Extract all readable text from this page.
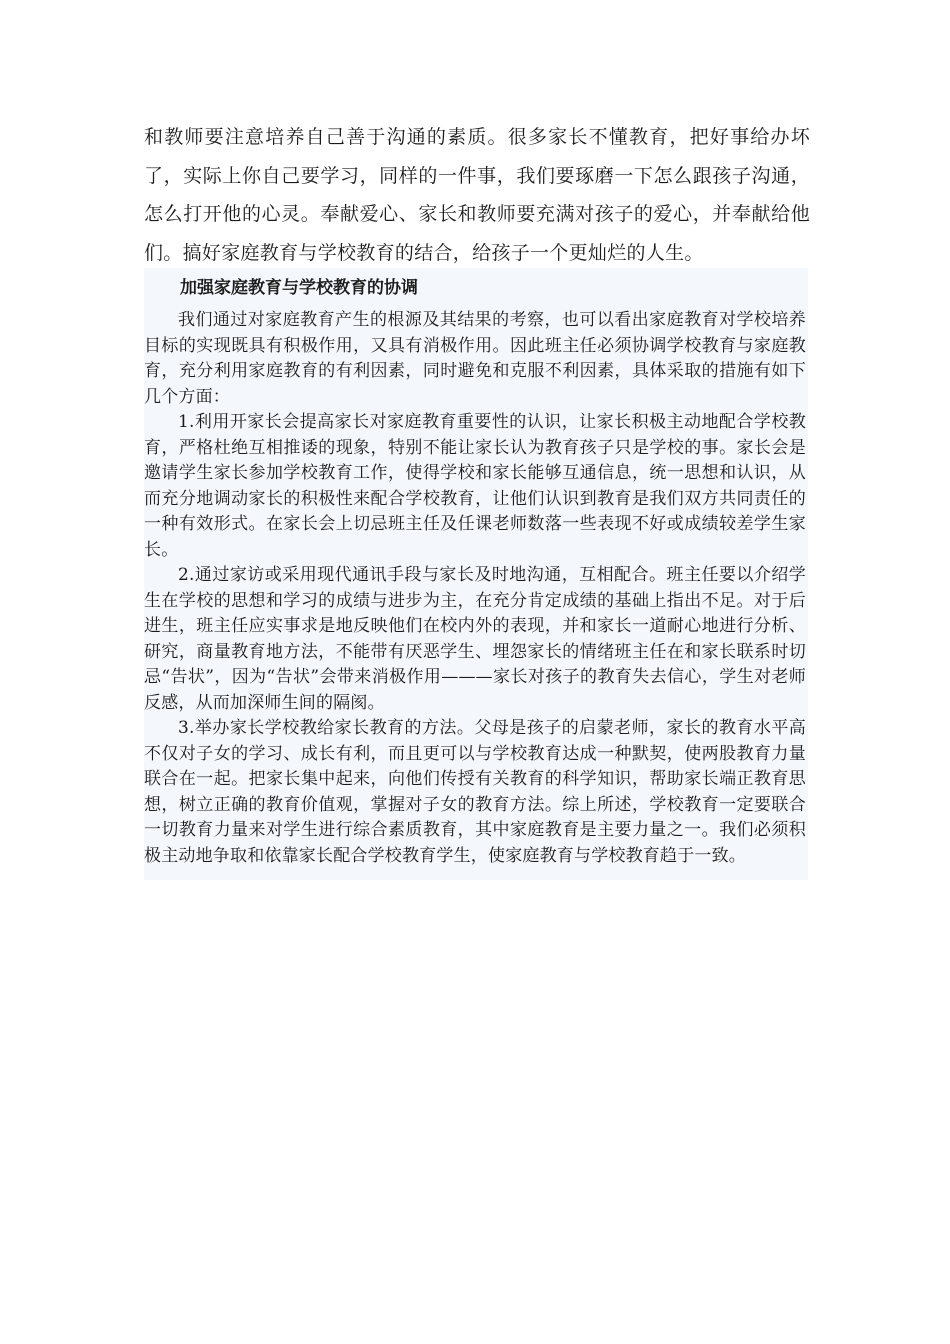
和教师要注意培养自己善于沟通的素质。很多家长不懂教育，把好事给办坏了，实际上你自己要学习，同样的一件事，我们要琢磨一下怎么跟孩子沟通，怎么打开他的心灵。奉献爱心、家长和教师要充满对孩子的爱心，并奉献给他们。搞好家庭教育与学校教育的结合，给孩子一个更灿烂的人生。

加强家庭教育与学校教育的协调

我们通过对家庭教育产生的根源及其结果的考察，也可以看出家庭教育对学校培养目标的实现既具有积极作用，又具有消极作用。因此班主任必须协调学校教育与家庭教育，充分利用家庭教育的有利因素，同时避免和克服不利因素，具体采取的措施有如下几个方面：

1.利用开家长会提高家长对家庭教育重要性的认识，让家长积极主动地配合学校教育，严格杜绝互相推诿的现象，特别不能让家长认为教育孩子只是学校的事。家长会是邀请学生家长参加学校教育工作，使得学校和家长能够互通信息，统一思想和认识，从而充分地调动家长的积极性来配合学校教育，让他们认识到教育是我们双方共同责任的一种有效形式。在家长会上切忌班主任及任课老师数落一些表现不好或成绩较差学生家长。

2.通过家访或采用现代通讯手段与家长及时地沟通，互相配合。班主任要以介绍学生在学校的思想和学习的成绩与进步为主，在充分肯定成绩的基础上指出不足。对于后进生，班主任应实事求是地反映他们在校内外的表现，并和家长一道耐心地进行分析、研究，商量教育地方法，不能带有厌恶学生、埋怨家长的情绪班主任在和家长联系时切忌“告状”，因为“告状”会带来消极作用———家长对孩子的教育失去信心，学生对老师反感，从而加深师生间的隔阂。

3.举办家长学校教给家长教育的方法。父母是孩子的启蒙老师，家长的教育水平高不仅对子女的学习、成长有利，而且更可以与学校教育达成一种默契，使两股教育力量联合在一起。把家长集中起来，向他们传授有关教育的科学知识，帮助家长端正教育思想，树立正确的教育价值观，掌握对子女的教育方法。综上所述，学校教育一定要联合一切教育力量来对学生进行综合素质教育，其中家庭教育是主要力量之一。我们必须积极主动地争取和依靠家长配合学校教育学生，使家庭教育与学校教育趋于一致。
